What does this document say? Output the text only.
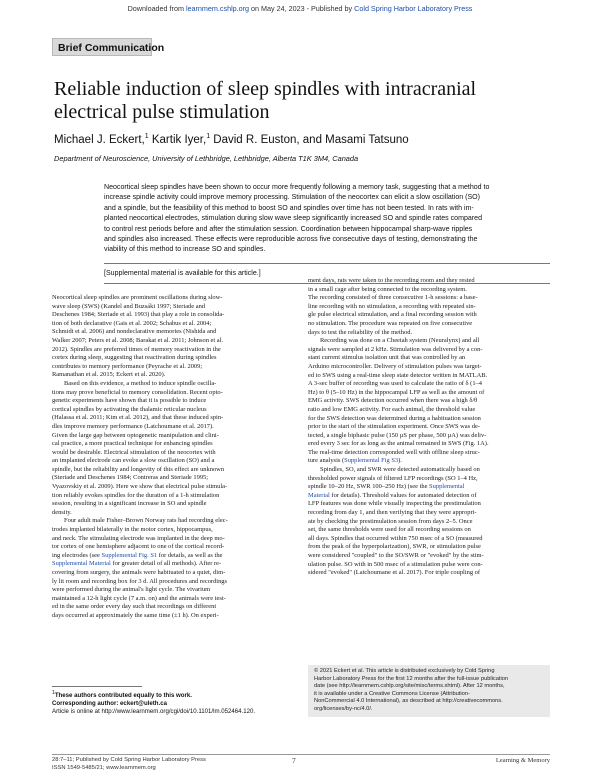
Downloaded from learnmem.cshlp.org on May 24, 2023 - Published by Cold Spring Harbor Laboratory Press
Brief Communication
Reliable induction of sleep spindles with intracranial
electrical pulse stimulation
Michael J. Eckert,$^1$ Kartik Iyer,$^1$ David R. Euston, and Masami Tatsuno
Department of Neuroscience, University of Lethbridge, Lethbridge, Alberta T1K 3M4, Canada
Neocortical sleep spindles have been shown to occur more frequently following a memory task, suggesting that a method to
increase spindle activity could improve memory processing. Stimulation of the neocortex can elicit a slow oscillation (SO)
and a spindle, but the feasibility of this method to boost SO and spindles over time has not been tested. In rats with im-
planted neocortical electrodes, stimulation during slow wave sleep significantly increased SO and spindle rates compared
to control rest periods before and after the stimulation session. Coordination between hippocampal sharp-wave ripples
and spindles also increased. These effects were reproducible across five consecutive days of testing, demonstrating the
viability of this method to increase SO and spindles.
[Supplemental material is available for this article.]
Neocortical sleep spindles are prominent oscillations during slow-
wave sleep (SWS) (Kandel and Buzsáki 1997; Steriade and
Deschenes 1984; Steriade et al. 1993) that play a role in consolida-
tion of both declarative (Gais et al. 2002; Schabus et al. 2004;
Schmidt et al. 2006) and nondeclarative memories (Nishida and
Walker 2007; Peters et al. 2008; Barakat et al. 2011; Johnson et al.
2012). Spindles are preferred times of memory reactivation in the
cortex during sleep, suggesting that reactivation during spindles
contributes to memory performance (Peyrache et al. 2009;
Ramanathan et al. 2015; Eckert et al. 2020).
Based on this evidence, a method to induce spindle oscilla-
tions may prove beneficial to memory consolidation. Recent opto-
genetic experiments have shown that it is possible to induce
cortical spindles by activating the thalamic reticular nucleus
(Halassa et al. 2011; Kim et al. 2012), and that these induced spin-
dles improve memory performance (Latchoumane et al. 2017).
Given the large gap between optogenetic manipulation and clini-
cal practice, a more practical technique for enhancing spindles
would be desirable. Electrical stimulation of the neocortex with
an implanted electrode can evoke a slow oscillation (SO) and a
spindle, but the reliability and longevity of this effect are unknown
(Steriade and Deschenes 1984; Contreras and Steriade 1995;
Vyazovskiy et al. 2009). Here we show that electrical pulse stimula-
tion reliably evokes spindles for the duration of a 1-h stimulation
session, resulting in a significant increase in SO and spindle
density.
Four adult male Fisher–Brown Norway rats had recording elec-
trodes implanted bilaterally in the motor cortex, hippocampus,
and neck. The stimulating electrode was implanted in the deep mo-
tor cortex of one hemisphere adjacent to one of the cortical record-
ing electrodes (see Supplemental Fig. S1 for details, as well as the
Supplemental Material for greater detail of all methods). After re-
covering from surgery, the animals were habituated to a quiet, dim-
ly lit room and recording box for 3 d. All procedures and recordings
were performed during the animal's light cycle. The vivarium
maintained a 12-h light cycle (7 a.m. on) and the animals were test-
ed in the same order every day such that recordings on different
days occurred at approximately the same time (±1 h). On experi-
ment days, rats were taken to the recording room and they rested
in a small cage after being connected to the recording system.
The recording consisted of three consecutive 1-h sessions: a base-
line recording with no stimulation, a recording with repeated sin-
gle pulse electrical stimulation, and a final recording session with
no stimulation. The procedure was repeated on five consecutive
days to test the reliability of the method.
Recording was done on a Cheetah system (Neuralynx) and all
signals were sampled at 2 kHz. Stimulation was delivered by a con-
stant current stimulus isolation unit that was controlled by an
Arduino microcontroller. Delivery of stimulation pulses was target-
ed to SWS using a real-time sleep state detector written in MATLAB.
A 3-sec buffer of recording was used to calculate the ratio of δ (1–4
Hz) to θ (5–10 Hz) in the hippocampal LFP as well as the amount of
EMG activity. SWS detection occurred when there was a high δ/θ
ratio and low EMG activity. For each animal, the threshold value
for the SWS detection was determined during a habituation session
prior to the start of the stimulation experiment. Once SWS was de-
tected, a single biphasic pulse (150 µS per phase, 500 µA) was deliv-
ered every 3 sec for as long as the animal remained in SWS (Fig. 1A).
The real-time detection corresponded well with offline sleep struc-
ture analysis (Supplemental Fig S3).
Spindles, SO, and SWR were detected automatically based on
thresholded power signals of filtered LFP recordings (SO 1–4 Hz,
spindle 10–20 Hz, SWR 100–250 Hz) (see the Supplemental
Material for details). Threshold values for automated detection of
LFP features was done while visually inspecting the prestimulation
recording from day 1, and then verifying that they were appropri-
ate by checking the prestimulation session from days 2–5. Once
set, the same thresholds were used for all recording sessions on
all days. Spindles that occurred within 750 msec of a SO (measured
from the peak of the hyperpolarization), SWR, or stimulation pulse
were considered "coupled" to the SO/SWR or "evoked" by the stim-
ulation pulse. SO with in 500 msec of a stimulation pulse were con-
sidered "evoked" (Latchoumane et al. 2017). For triple coupling of
$^1$These authors contributed equally to this work.
Corresponding author: eckert@uleth.ca
Article is online at http://www.learnmem.org/cgi/doi/10.1101/lm.052464.120.
© 2021 Eckert et al. This article is distributed exclusively by Cold Spring
Harbor Laboratory Press for the first 12 months after the full-issue publication
date (see http://learnmem.cshlp.org/site/misc/terms.xhtml). After 12 months,
it is available under a Creative Commons License (Attribution-
NonCommercial 4.0 International), as described at http://creativecommons.
org/licenses/by-nc/4.0/.
28:7–11; Published by Cold Spring Harbor Laboratory Press
ISSN 1549-5485/21; www.learnmem.org
7	Learning & Memory
